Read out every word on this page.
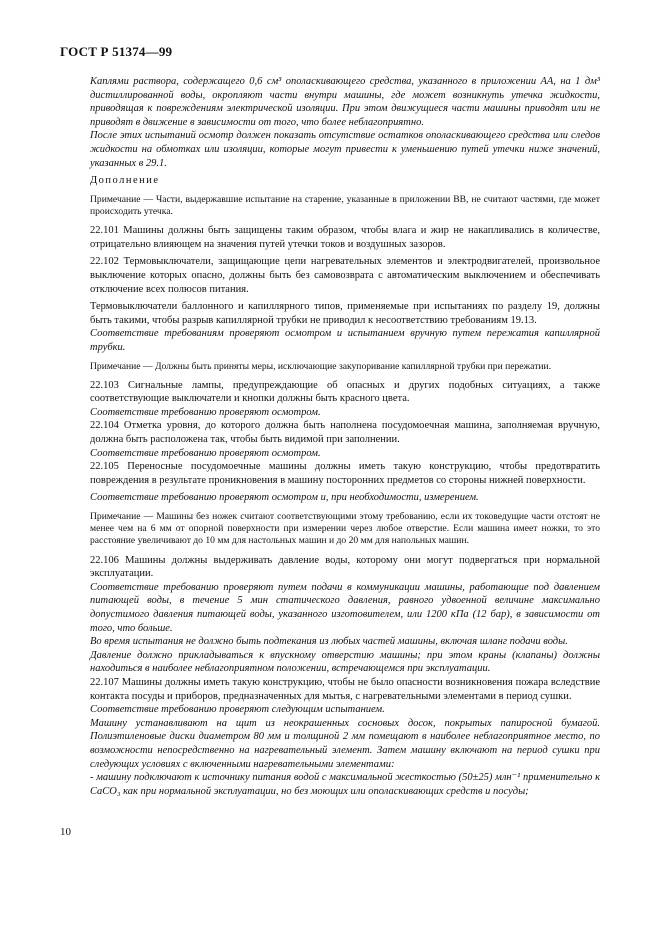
ГОСТ Р 51374—99

Каплями раствора, содержащего 0,6 см³ ополаскивающего средства, указанного в приложении АА, на 1 дм³ дистиллированной воды, окропляют части внутри машины, где может возникнуть утечка жидкости, приводящая к повреждениям электрической изоляции. При этом движущиеся части машины приводят или не приводят в движение в зависимости от того, что более неблагоприятно.

После этих испытаний осмотр должен показать отсутствие остатков ополаскивающего средства или следов жидкости на обмотках или изоляции, которые могут привести к уменьшению путей утечки ниже значений, указанных в 29.1.

Дополнение

Примечание — Части, выдержавшие испытание на старение, указанные в приложении ВВ, не считают частями, где может происходить утечка.

22.101 Машины должны быть защищены таким образом, чтобы влага и жир не накапливались в количестве, отрицательно влияющем на значения путей утечки токов и воздушных зазоров.

22.102 Термовыключатели, защищающие цепи нагревательных элементов и электродвигателей, произвольное выключение которых опасно, должны быть без самовозврата с автоматическим выключением и обеспечивать отключение всех полюсов питания.

Термовыключатели баллонного и капиллярного типов, применяемые при испытаниях по разделу 19, должны быть такими, чтобы разрыв капиллярной трубки не приводил к несоответствию требованиям 19.13.

Соответствие требованиям проверяют осмотром и испытанием вручную путем пережатия капиллярной трубки.

Примечание — Должны быть приняты меры, исключающие закупоривание капиллярной трубки при пережатии.

22.103 Сигнальные лампы, предупреждающие об опасных и других подобных ситуациях, а также соответствующие выключатели и кнопки должны быть красного цвета.

Соответствие требованию проверяют осмотром.

22.104 Отметка уровня, до которого должна быть наполнена посудомоечная машина, заполняемая вручную, должна быть расположена так, чтобы быть видимой при заполнении.

Соответствие требованию проверяют осмотром.

22.105 Переносные посудомоечные машины должны иметь такую конструкцию, чтобы предотвратить повреждения в результате проникновения в машину посторонних предметов со стороны нижней поверхности.

Соответствие требованию проверяют осмотром и, при необходимости, измерением.

Примечание — Машины без ножек считают соответствующими этому требованию, если их токоведущие части отстоят не менее чем на 6 мм от опорной поверхности при измерении через любое отверстие. Если машина имеет ножки, то это расстояние увеличивают до 10 мм для настольных машин и до 20 мм для напольных машин.

22.106 Машины должны выдерживать давление воды, которому они могут подвергаться при нормальной эксплуатации.

Соответствие требованию проверяют путем подачи в коммуникации машины, работающие под давлением питающей воды, в течение 5 мин статического давления, равного удвоенной величине максимально допустимого давления питающей воды, указанного изготовителем, или 1200 кПа (12 бар), в зависимости от того, что больше.

Во время испытания не должно быть подтекания из любых частей машины, включая шланг подачи воды.

Давление должно прикладываться к впускному отверстию машины; при этом краны (клапаны) должны находиться в наиболее неблагоприятном положении, встречающемся при эксплуатации.

22.107 Машины должны иметь такую конструкцию, чтобы не было опасности возникновения пожара вследствие контакта посуды и приборов, предназначенных для мытья, с нагревательными элементами в период сушки.

Соответствие требованию проверяют следующим испытанием.

Машину устанавливают на щит из неокрашенных сосновых досок, покрытых папиросной бумагой. Полиэтиленовые диски диаметром 80 мм и толщиной 2 мм помещают в наиболее неблагоприятное место, по возможности непосредственно на нагревательный элемент. Затем машину включают на период сушки при следующих условиях с включенными нагревательными элементами:

- машину подключают к источнику питания водой с максимальной жесткостью (50±25) млн⁻¹ применительно к CaCO₃ как при нормальной эксплуатации, но без моющих или ополаскивающих средств и посуды;

10
